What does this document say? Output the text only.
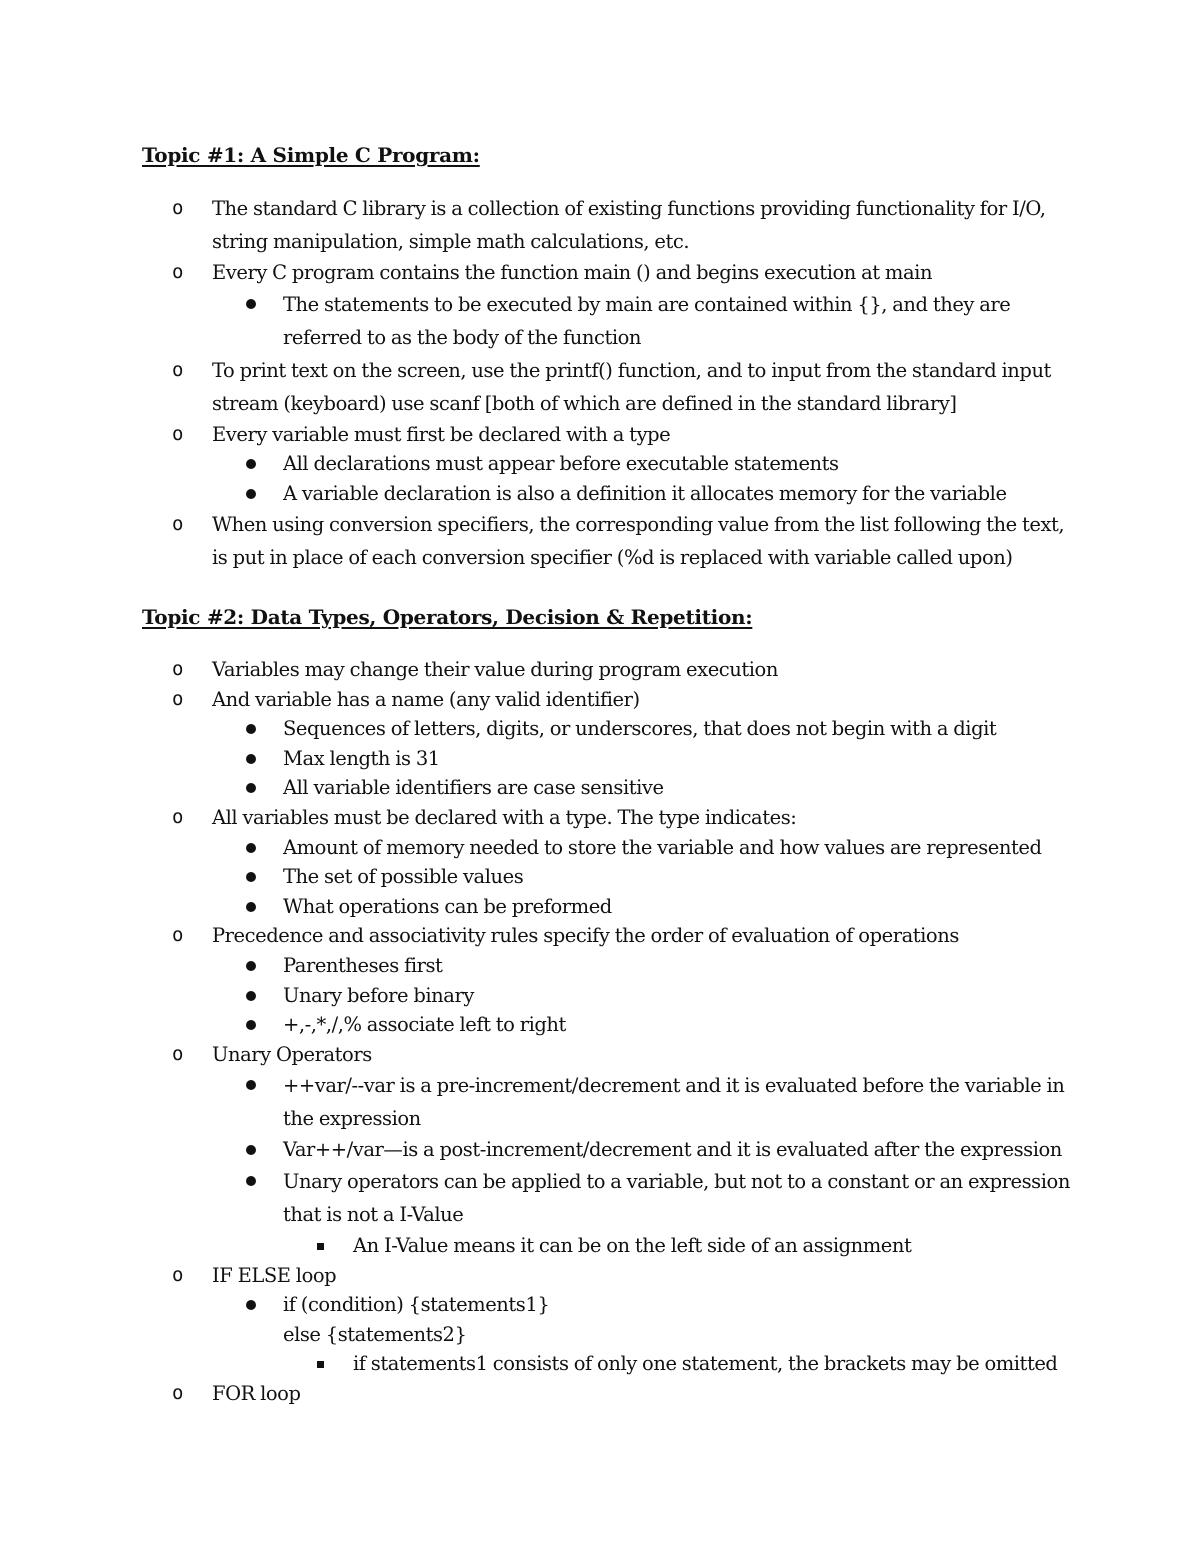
Topic #1: A Simple C Program:
o The standard C library is a collection of existing functions providing functionality for I/O, string manipulation, simple math calculations, etc.
o Every C program contains the function main () and begins execution at main
The statements to be executed by main are contained within {}, and they are referred to as the body of the function
o To print text on the screen, use the printf() function, and to input from the standard input stream (keyboard) use scanf [both of which are defined in the standard library]
o Every variable must first be declared with a type
All declarations must appear before executable statements
A variable declaration is also a definition it allocates memory for the variable
o When using conversion specifiers, the corresponding value from the list following the text, is put in place of each conversion specifier (%d is replaced with variable called upon)
Topic #2: Data Types, Operators, Decision & Repetition:
o Variables may change their value during program execution
o And variable has a name (any valid identifier)
Sequences of letters, digits, or underscores, that does not begin with a digit
Max length is 31
All variable identifiers are case sensitive
o All variables must be declared with a type. The type indicates:
Amount of memory needed to store the variable and how values are represented
The set of possible values
What operations can be preformed
o Precedence and associativity rules specify the order of evaluation of operations
Parentheses first
Unary before binary
+,-,*,/,% associate left to right
o Unary Operators
++var/--var is a pre-increment/decrement and it is evaluated before the variable in the expression
Var++/var—is a post-increment/decrement and it is evaluated after the expression
Unary operators can be applied to a variable, but not to a constant or an expression that is not a I-Value
An I-Value means it can be on the left side of an assignment
o IF ELSE loop
if (condition) {statements1}
else {statements2}
if statements1 consists of only one statement, the brackets may be omitted
o FOR loop
